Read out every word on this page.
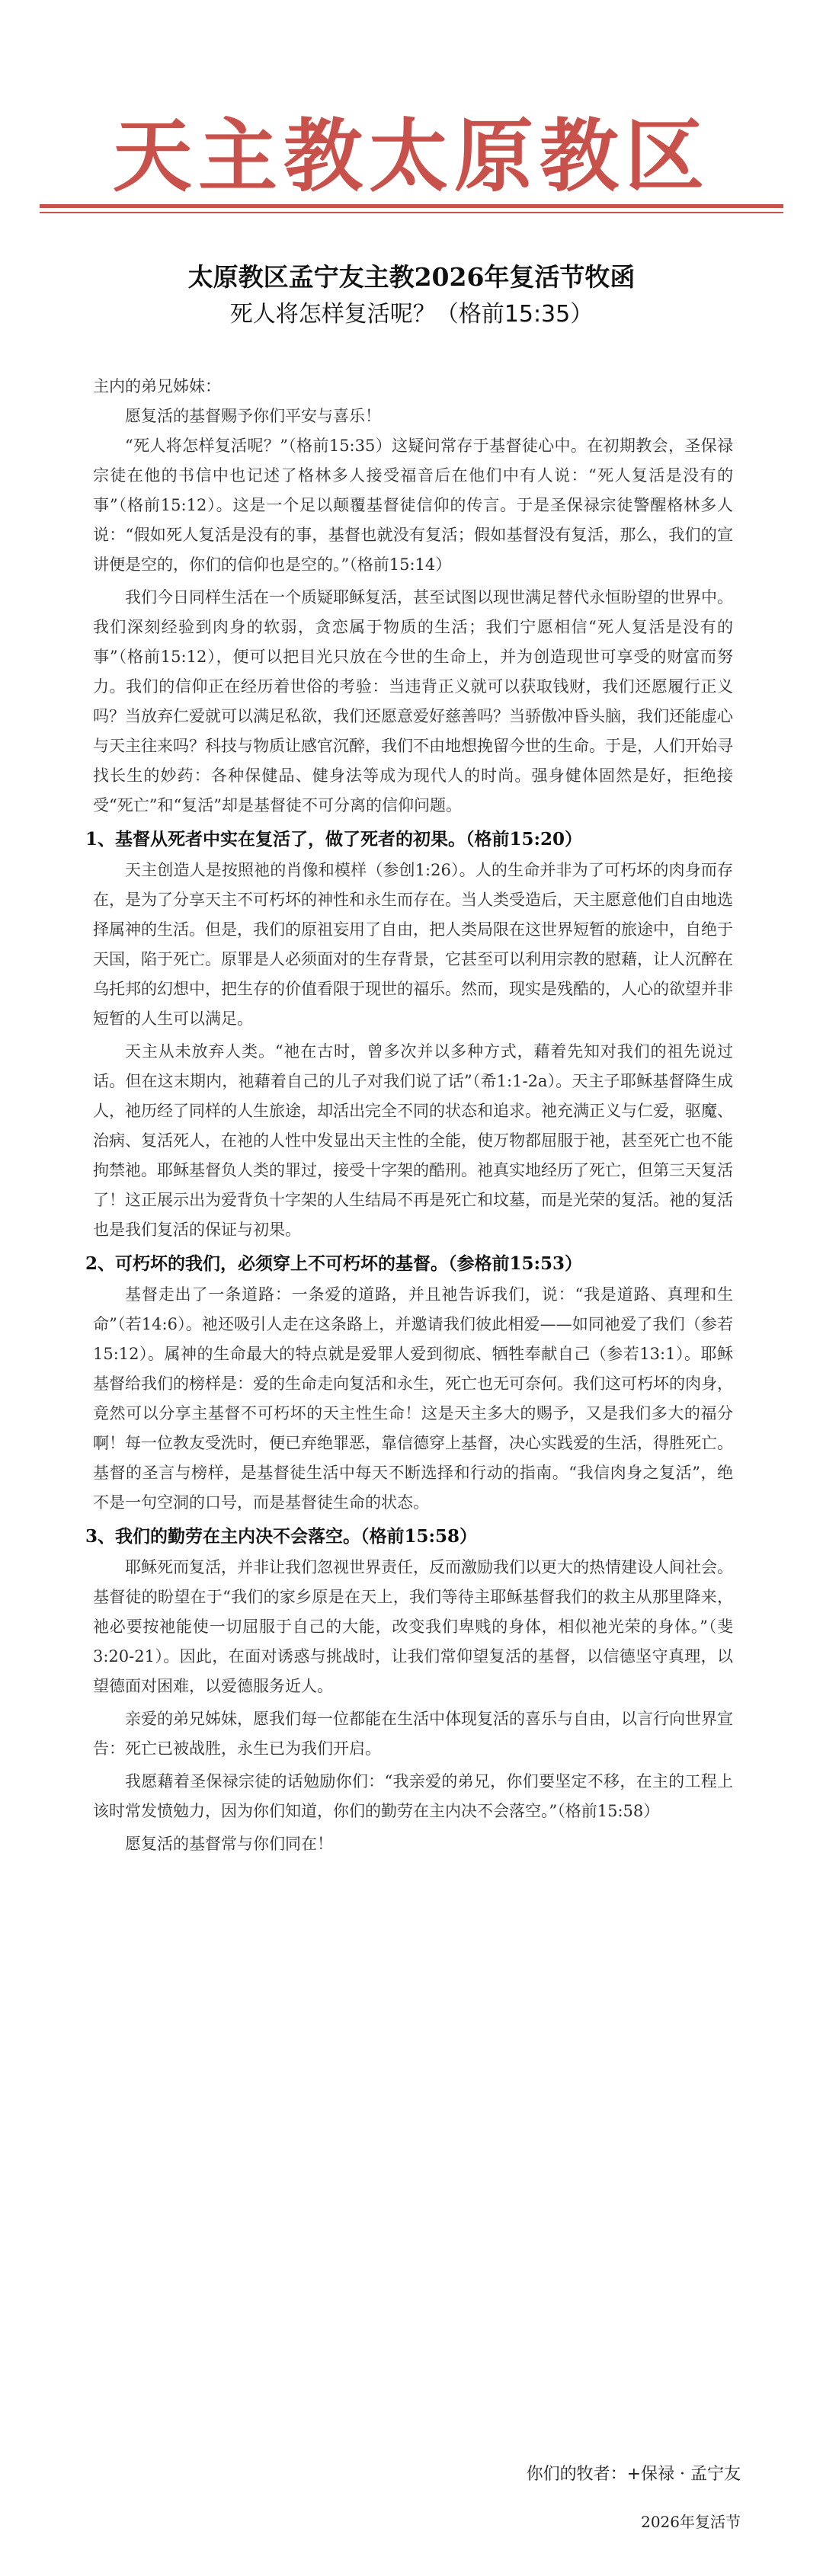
天主教太原教区
太原教区孟宁友主教2026年复活节牧函
死人将怎样复活呢？（格前15:35）

主内的弟兄姊妹：

愿复活的基督赐予你们平安与喜乐！

“死人将怎样复活呢？”（格前15:35）这疑问常存于基督徒心中。在初期教会，圣保禄宗徒在他的书信中也记述了格林多人接受福音后在他们中有人说：“死人复活是没有的事”（格前15:12）。这是一个足以颠覆基督徒信仰的传言。于是圣保禄宗徒警醒格林多人说：“假如死人复活是没有的事，基督也就没有复活；假如基督没有复活，那么，我们的宣讲便是空的，你们的信仰也是空的。”（格前15:14）

我们今日同样生活在一个质疑耶稣复活，甚至试图以现世满足替代永恒盼望的世界中。我们深刻经验到肉身的软弱，贪恋属于物质的生活；我们宁愿相信“死人复活是没有的事”（格前15:12），便可以把目光只放在今世的生命上，并为创造现世可享受的财富而努力。我们的信仰正在经历着世俗的考验：当违背正义就可以获取钱财，我们还愿履行正义吗？当放弃仁爱就可以满足私欲，我们还愿意爱好慈善吗？当骄傲冲昏头脑，我们还能虚心与天主往来吗？科技与物质让感官沉醉，我们不由地想挽留今世的生命。于是，人们开始寻找长生的妙药：各种保健品、健身法等成为现代人的时尚。强身健体固然是好，拒绝接受“死亡”和“复活”却是基督徒不可分离的信仰问题。

1、基督从死者中实在复活了，做了死者的初果。（格前15:20）

天主创造人是按照祂的肖像和模样（参创1:26）。人的生命并非为了可朽坏的肉身而存在，是为了分享天主不可朽坏的神性和永生而存在。当人类受造后，天主愿意他们自由地选择属神的生活。但是，我们的原祖妄用了自由，把人类局限在这世界短暂的旅途中，自绝于天国，陷于死亡。原罪是人必须面对的生存背景，它甚至可以利用宗教的慰藉，让人沉醉在乌托邦的幻想中，把生存的价值看限于现世的福乐。然而，现实是残酷的，人心的欲望并非短暂的人生可以满足。

天主从未放弃人类。“祂在古时，曾多次并以多种方式，藉着先知对我们的祖先说过话。但在这末期内，祂藉着自己的儿子对我们说了话”（希1:1-2a）。天主子耶稣基督降生成人，祂历经了同样的人生旅途，却活出完全不同的状态和追求。祂充满正义与仁爱，驱魔、治病、复活死人，在祂的人性中发显出天主性的全能，使万物都屈服于祂，甚至死亡也不能拘禁祂。耶稣基督负人类的罪过，接受十字架的酷刑。祂真实地经历了死亡，但第三天复活了！这正展示出为爱背负十字架的人生结局不再是死亡和坟墓，而是光荣的复活。祂的复活也是我们复活的保证与初果。

2、可朽坏的我们，必须穿上不可朽坏的基督。（参格前15:53）

基督走出了一条道路：一条爱的道路，并且祂告诉我们，说：“我是道路、真理和生命”（若14:6）。祂还吸引人走在这条路上，并邀请我们彼此相爱——如同祂爱了我们（参若15:12）。属神的生命最大的特点就是爱罪人爱到彻底、牺牲奉献自己（参若13:1）。耶稣基督给我们的榜样是：爱的生命走向复活和永生，死亡也无可奈何。我们这可朽坏的肉身，竟然可以分享主基督不可朽坏的天主性生命！这是天主多大的赐予，又是我们多大的福分啊！每一位教友受洗时，便已弃绝罪恶，靠信德穿上基督，决心实践爱的生活，得胜死亡。基督的圣言与榜样，是基督徒生活中每天不断选择和行动的指南。“我信肉身之复活”，绝不是一句空洞的口号，而是基督徒生命的状态。

3、我们的勤劳在主内决不会落空。（格前15:58）

耶稣死而复活，并非让我们忽视世界责任，反而激励我们以更大的热情建设人间社会。基督徒的盼望在于“我们的家乡原是在天上，我们等待主耶稣基督我们的救主从那里降来，祂必要按祂能使一切屈服于自己的大能，改变我们卑贱的身体，相似祂光荣的身体。”（斐3:20-21）。因此，在面对诱惑与挑战时，让我们常仰望复活的基督，以信德坚守真理，以望德面对困难，以爱德服务近人。

亲爱的弟兄姊妹，愿我们每一位都能在生活中体现复活的喜乐与自由，以言行向世界宣告：死亡已被战胜，永生已为我们开启。

我愿藉着圣保禄宗徒的话勉励你们：“我亲爱的弟兄，你们要坚定不移，在主的工程上该时常发愤勉力，因为你们知道，你们的勤劳在主内决不会落空。”（格前15:58）

愿复活的基督常与你们同在！

你们的牧者：+保禄 · 孟宁友
2026年复活节
